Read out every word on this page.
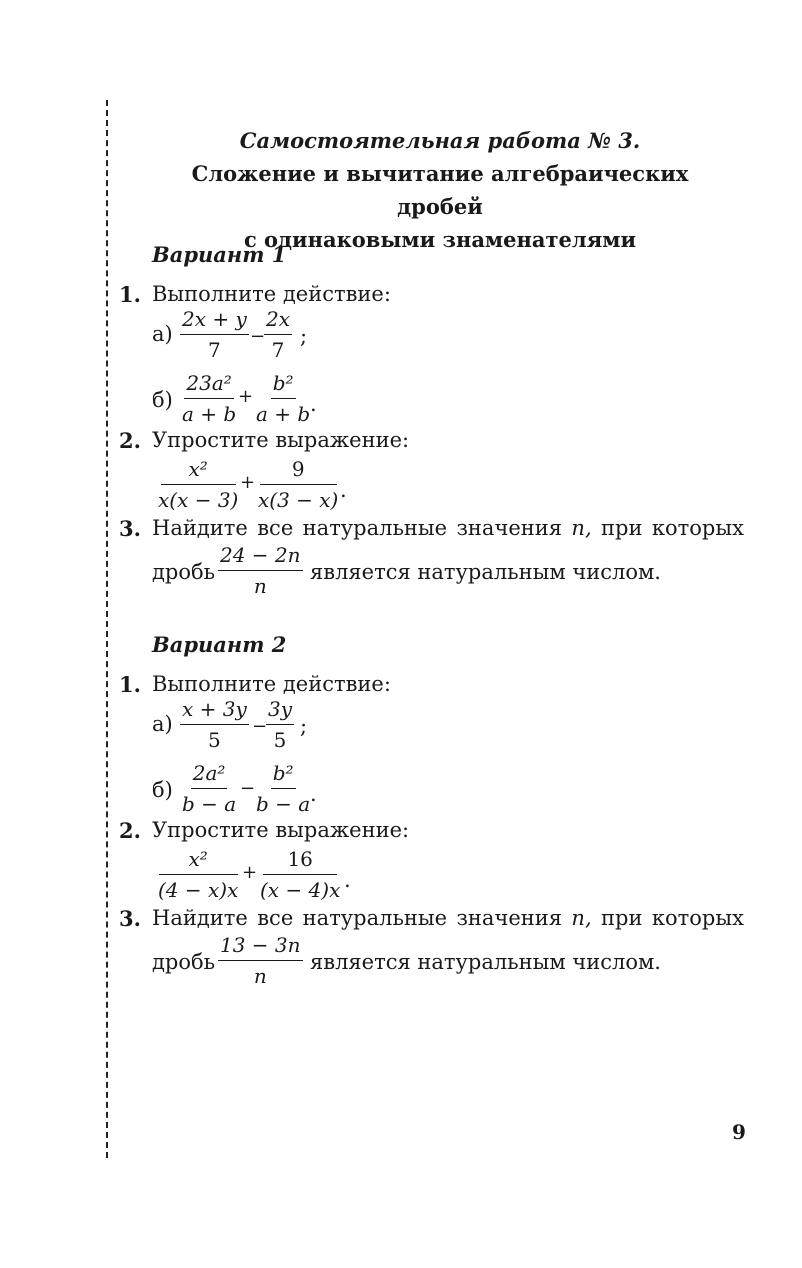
Самостоятельная работа № 3.
Сложение и вычитание алгебраических дробей
с одинаковыми знаменателями
Вариант 1
1. Выполните действие:
$а) \frac{2x + y}{7}$ −
$\frac{2x}{7}$ ;
$б) \frac{\text{23a²}}{a + b} + \frac{\text{b²}}{a + b}$
.
2. Упростите выражение:
$\frac{\text{x²}}{x(x - 3)} + \frac{9}{x(3 - x)}$ .
3. Найдите все натуральные значения n, при которых
дробь $\frac{24 - 2n}{n}$ является натуральным числом.
Вариант 2
1. Выполните действие:
$а) \frac{x + 3y}{5}$ −
$\frac{3y}{5}$ ;
$б) \frac{\text{2a²}}{b - a}$ −
$\frac{\text{b²}}{b - a}$
.
2. Упростите выражение:
$\frac{\text{x²}}{(4 - x)x} + \frac{16}{(x - 4)x}$ .
3. Найдите все натуральные значения n, при которых
дробь $\frac{13 - 3n}{n}$ является натуральным числом.
9
